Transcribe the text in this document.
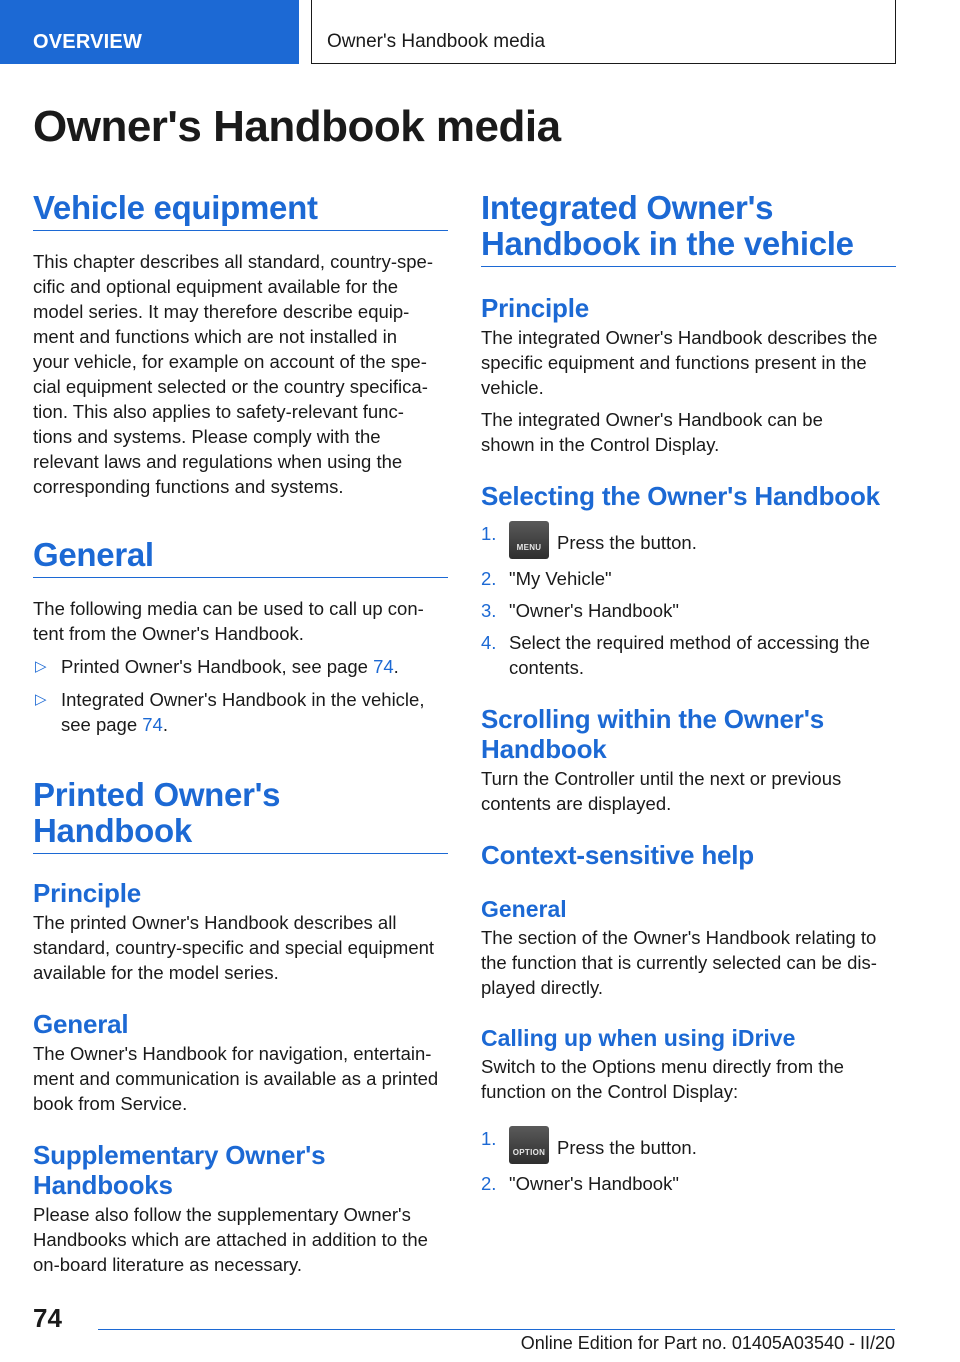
OVERVIEW	Owner's Handbook media
Owner's Handbook media
Vehicle equipment
This chapter describes all standard, country-spe-
cific and optional equipment available for the
model series. It may therefore describe equip-
ment and functions which are not installed in
your vehicle, for example on account of the spe-
cial equipment selected or the country specifica-
tion. This also applies to safety-relevant func-
tions and systems. Please comply with the
relevant laws and regulations when using the
corresponding functions and systems.
General
The following media can be used to call up con-
tent from the Owner's Handbook.
▷ Printed Owner's Handbook, see page 74.
▷ Integrated Owner's Handbook in the vehicle,
see page 74.
Printed Owner's Handbook
Principle
The printed Owner's Handbook describes all
standard, country-specific and special equipment
available for the model series.
General
The Owner's Handbook for navigation, entertain-
ment and communication is available as a printed
book from Service.
Supplementary Owner's
Handbooks
Please also follow the supplementary Owner's
Handbooks which are attached in addition to the
on-board literature as necessary.
Integrated Owner's
Handbook in the vehicle
Principle
The integrated Owner's Handbook describes the
specific equipment and functions present in the
vehicle.
The integrated Owner's Handbook can be
shown in the Control Display.
Selecting the Owner's Handbook
1.
MENU Press the button.
2. "My Vehicle"
3. "Owner's Handbook"
4. Select the required method of accessing the
contents.
Scrolling within the Owner's
Handbook
Turn the Controller until the next or previous
contents are displayed.
Context-sensitive help
General
The section of the Owner's Handbook relating to
the function that is currently selected can be dis-
played directly.
Calling up when using iDrive
Switch to the Options menu directly from the
function on the Control Display:
1.
OPTION Press the button.
2. "Owner's Handbook"
74
Online Edition for Part no. 01405A03540 - II/20
